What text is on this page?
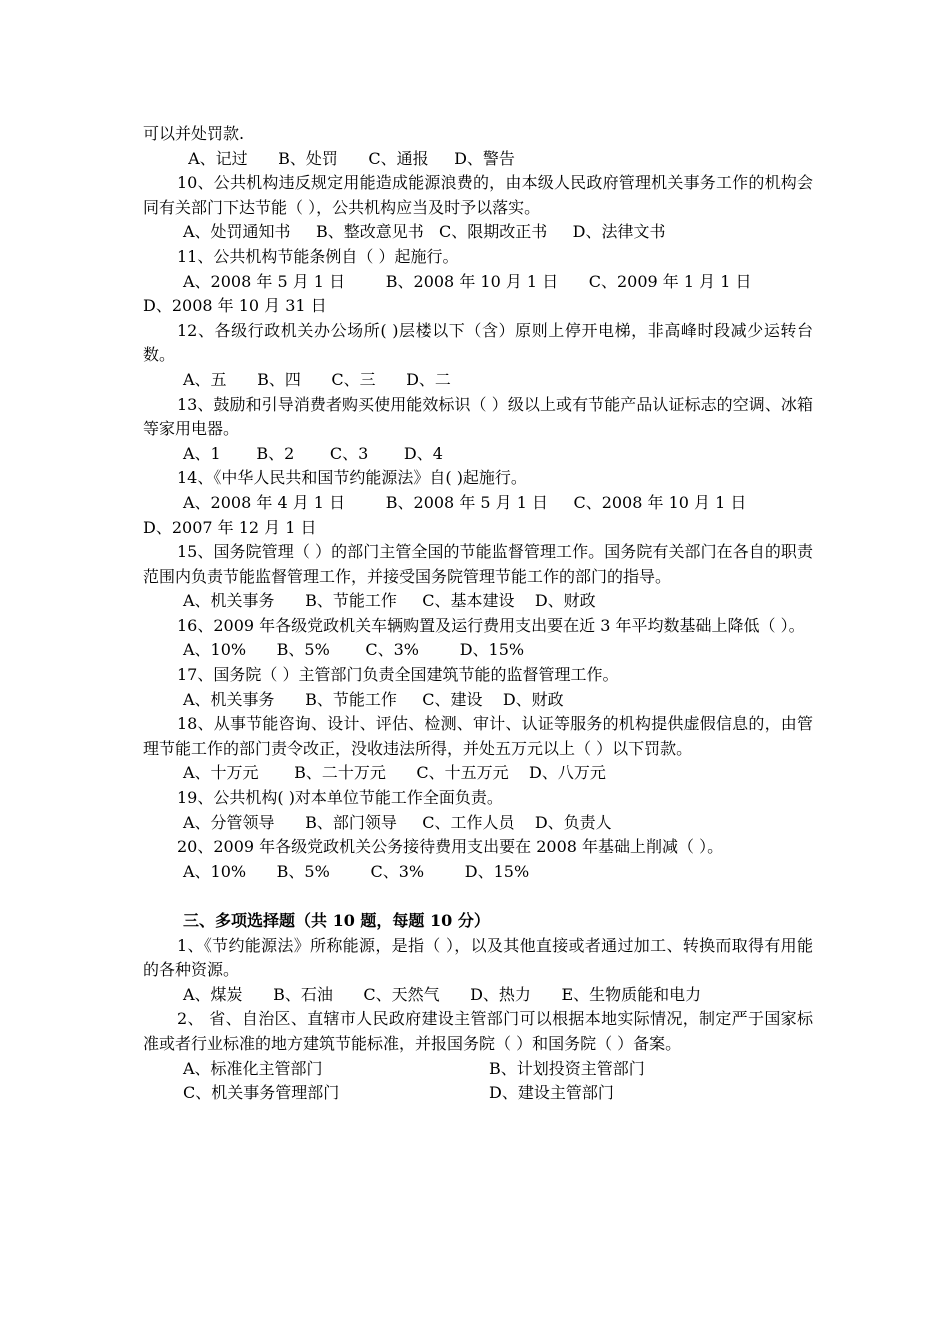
可以并处罚款.

A、记过      B、处罚      C、通报     D、警告

10、公共机构违反规定用能造成能源浪费的，由本级人民政府管理机关事务工作的机构会同有关部门下达节能（ ），公共机构应当及时予以落实。

A、处罚通知书     B、整改意见书   C、限期改正书     D、法律文书

11、公共机构节能条例自（ ）起施行。

A、2008 年 5 月 1 日        B、2008 年 10 月 1 日      C、2009 年 1 月 1 日

D、2008 年 10 月 31 日

12、各级行政机关办公场所( )层楼以下（含）原则上停开电梯，非高峰时段减少运转台数。

A、五      B、四      C、三      D、二

13、鼓励和引导消费者购买使用能效标识（ ）级以上或有节能产品认证标志的空调、冰箱等家用电器。

A、1       B、2       C、3       D、4

14、《中华人民共和国节约能源法》自( )起施行。

A、2008 年 4 月 1 日        B、2008 年 5 月 1 日     C、2008 年 10 月 1 日

D、2007 年 12 月 1 日

15、国务院管理（ ）的部门主管全国的节能监督管理工作。国务院有关部门在各自的职责范围内负责节能监督管理工作，并接受国务院管理节能工作的部门的指导。

A、机关事务      B、节能工作     C、基本建设    D、财政

16、2009 年各级党政机关车辆购置及运行费用支出要在近 3 年平均数基础上降低（ ）。

A、10%      B、5%       C、3%        D、15%

17、国务院（ ）主管部门负责全国建筑节能的监督管理工作。

A、机关事务      B、节能工作     C、建设    D、财政

18、从事节能咨询、设计、评估、检测、审计、认证等服务的机构提供虚假信息的，由管理节能工作的部门责令改正，没收违法所得，并处五万元以上（ ）以下罚款。

A、十万元       B、二十万元      C、十五万元    D、八万元

19、公共机构( )对本单位节能工作全面负责。

A、分管领导      B、部门领导     C、工作人员    D、负责人

20、2009 年各级党政机关公务接待费用支出要在 2008 年基础上削减（ ）。

A、10%      B、5%        C、3%        D、15%

三、多项选择题（共 10 题，每题 10 分）

1、《节约能源法》所称能源，是指（ ），以及其他直接或者通过加工、转换而取得有用能的各种资源。

A、煤炭      B、石油      C、天然气      D、热力      E、生物质能和电力

2、 省、自治区、直辖市人民政府建设主管部门可以根据本地实际情况，制定严于国家标准或者行业标准的地方建筑节能标准，并报国务院（ ）和国务院（ ）备案。

A、标准化主管部门	B、计划投资主管部门
C、机关事务管理部门	D、建设主管部门
